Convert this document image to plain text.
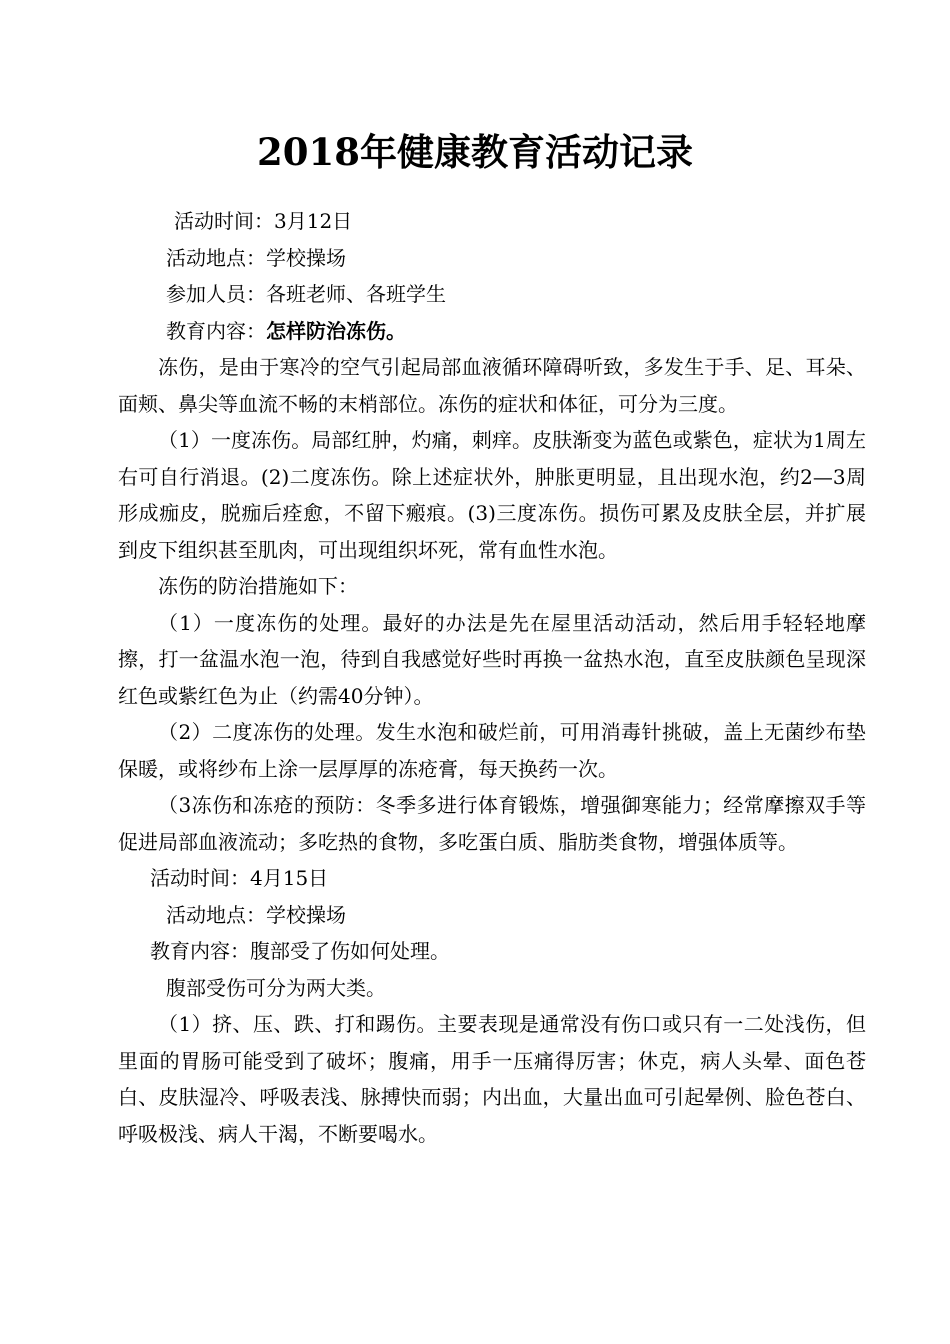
2018年健康教育活动记录

活动时间：3月12日

活动地点：学校操场

参加人员：各班老师、各班学生

教育内容：怎样防治冻伤。

冻伤，是由于寒冷的空气引起局部血液循环障碍听致，多发生于手、足、耳朵、面颊、鼻尖等血流不畅的末梢部位。冻伤的症状和体征，可分为三度。

（1）一度冻伤。局部红肿，灼痛，刺痒。皮肤渐变为蓝色或紫色，症状为1周左右可自行消退。(2)二度冻伤。除上述症状外，肿胀更明显，且出现水泡，约2—3周形成痂皮，脱痂后痊愈，不留下瘢痕。(3)三度冻伤。损伤可累及皮肤全层，并扩展到皮下组织甚至肌肉，可出现组织坏死，常有血性水泡。

冻伤的防治措施如下：

（1）一度冻伤的处理。最好的办法是先在屋里活动活动，然后用手轻轻地摩擦，打一盆温水泡一泡，待到自我感觉好些时再换一盆热水泡，直至皮肤颜色呈现深红色或紫红色为止（约需40分钟）。

（2）二度冻伤的处理。发生水泡和破烂前，可用消毒针挑破，盖上无菌纱布垫保暖，或将纱布上涂一层厚厚的冻疮膏，每天换药一次。

（3冻伤和冻疮的预防：冬季多进行体育锻炼，增强御寒能力；经常摩擦双手等促进局部血液流动；多吃热的食物，多吃蛋白质、脂肪类食物，增强体质等。

活动时间：4月15日

活动地点：学校操场

教育内容：腹部受了伤如何处理。

腹部受伤可分为两大类。

（1）挤、压、跌、打和踢伤。主要表现是通常没有伤口或只有一二处浅伤，但里面的胃肠可能受到了破坏；腹痛，用手一压痛得厉害；休克，病人头晕、面色苍白、皮肤湿冷、呼吸表浅、脉搏快而弱；内出血，大量出血可引起晕例、脸色苍白、呼吸极浅、病人干渴，不断要喝水。
